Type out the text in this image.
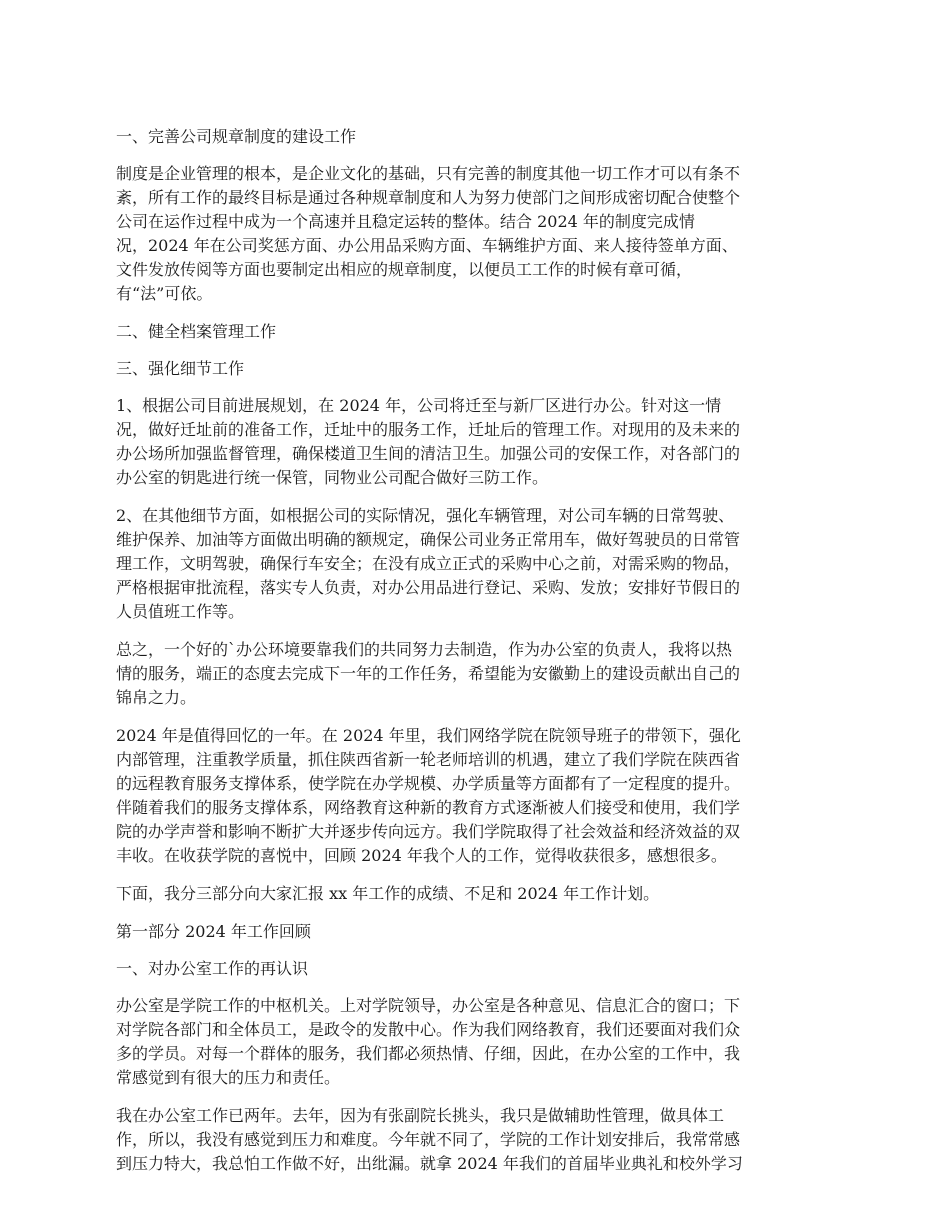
一、完善公司规章制度的建设工作

制度是企业管理的根本，是企业文化的基础，只有完善的制度其他一切工作才可以有条不
紊，所有工作的最终目标是通过各种规章制度和人为努力使部门之间形成密切配合使整个
公司在运作过程中成为一个高速并且稳定运转的整体。结合 2024 年的制度完成情
况，2024 年在公司奖惩方面、办公用品采购方面、车辆维护方面、来人接待签单方面、
文件发放传阅等方面也要制定出相应的规章制度，以便员工工作的时候有章可循，
有“法”可依。

二、健全档案管理工作

三、强化细节工作

1、根据公司目前进展规划，在 2024 年，公司将迁至与新厂区进行办公。针对这一情
况，做好迁址前的准备工作，迁址中的服务工作，迁址后的管理工作。对现用的及未来的
办公场所加强监督管理，确保楼道卫生间的清洁卫生。加强公司的安保工作，对各部门的
办公室的钥匙进行统一保管，同物业公司配合做好三防工作。

2、在其他细节方面，如根据公司的实际情况，强化车辆管理，对公司车辆的日常驾驶、
维护保养、加油等方面做出明确的额规定，确保公司业务正常用车，做好驾驶员的日常管
理工作，文明驾驶，确保行车安全；在没有成立正式的采购中心之前，对需采购的物品，
严格根据审批流程，落实专人负责，对办公用品进行登记、采购、发放；安排好节假日的
人员值班工作等。

总之，一个好的`办公环境要靠我们的共同努力去制造，作为办公室的负责人，我将以热
情的服务，端正的态度去完成下一年的工作任务，希望能为安徽勤上的建设贡献出自己的
锦帛之力。

2024 年是值得回忆的一年。在 2024 年里，我们网络学院在院领导班子的带领下，强化
内部管理，注重教学质量，抓住陕西省新一轮老师培训的机遇，建立了我们学院在陕西省
的远程教育服务支撑体系，使学院在办学规模、办学质量等方面都有了一定程度的提升。
伴随着我们的服务支撑体系，网络教育这种新的教育方式逐渐被人们接受和使用，我们学
院的办学声誉和影响不断扩大并逐步传向远方。我们学院取得了社会效益和经济效益的双
丰收。在收获学院的喜悦中，回顾 2024 年我个人的工作，觉得收获很多，感想很多。

下面，我分三部分向大家汇报 xx 年工作的成绩、不足和 2024 年工作计划。

第一部分 2024 年工作回顾

一、对办公室工作的再认识

办公室是学院工作的中枢机关。上对学院领导，办公室是各种意见、信息汇合的窗口；下
对学院各部门和全体员工，是政令的发散中心。作为我们网络教育，我们还要面对我们众
多的学员。对每一个群体的服务，我们都必须热情、仔细，因此，在办公室的工作中，我
常感觉到有很大的压力和责任。

我在办公室工作已两年。去年，因为有张副院长挑头，我只是做辅助性管理，做具体工
作，所以，我没有感觉到压力和难度。今年就不同了，学院的工作计划安排后，我常常感
到压力特大，我总怕工作做不好，出纰漏。就拿 2024 年我们的首届毕业典礼和校外学习
